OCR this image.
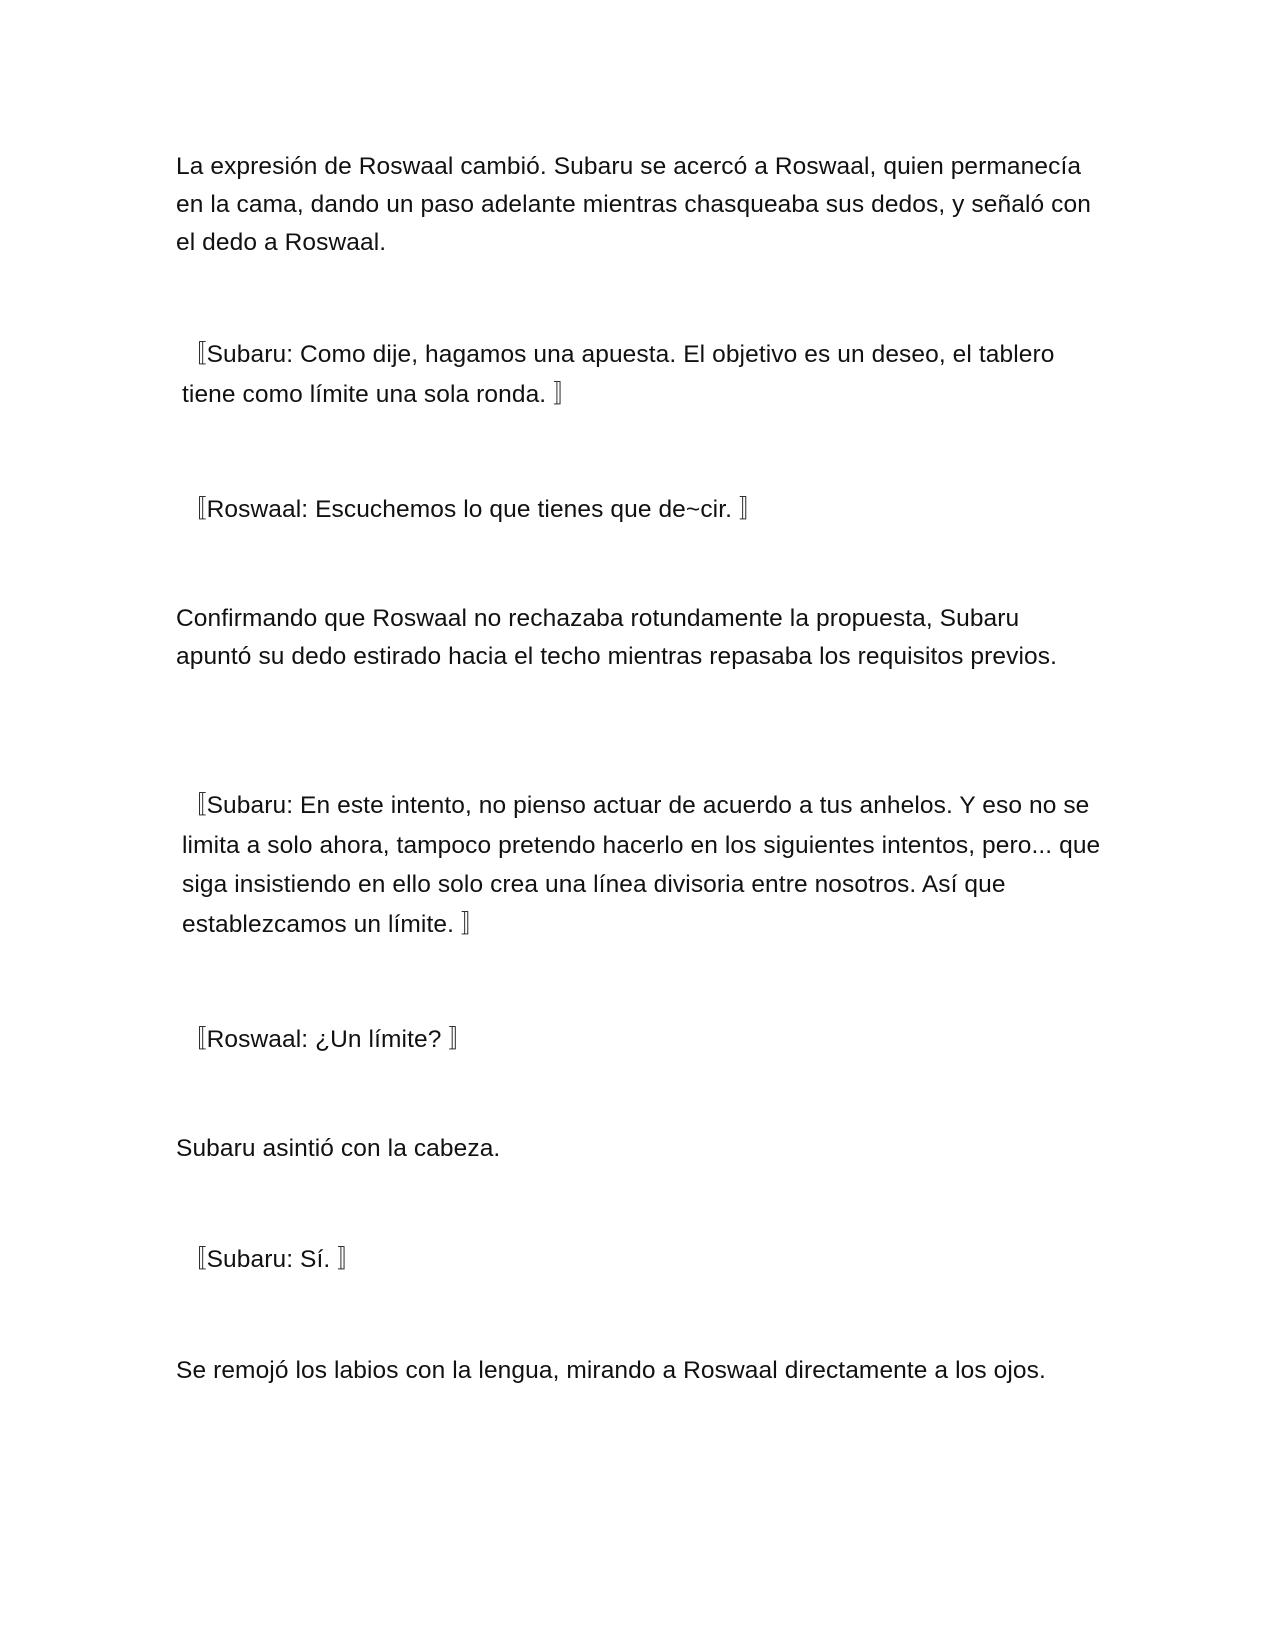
La expresión de Roswaal cambió. Subaru se acercó a Roswaal, quien permanecía en la cama, dando un paso adelante mientras chasqueaba sus dedos, y señaló con el dedo a Roswaal.

〚Subaru: Como dije, hagamos una apuesta. El objetivo es un deseo, el tablero tiene como límite una sola ronda. 〛

〚Roswaal: Escuchemos lo que tienes que de~cir. 〛

Confirmando que Roswaal no rechazaba rotundamente la propuesta, Subaru apuntó su dedo estirado hacia el techo mientras repasaba los requisitos previos.

〚Subaru: En este intento, no pienso actuar de acuerdo a tus anhelos. Y eso no se limita a solo ahora, tampoco pretendo hacerlo en los siguientes intentos, pero... que siga insistiendo en ello solo crea una línea divisoria entre nosotros. Así que establezcamos un límite. 〛

〚Roswaal: ¿Un límite? 〛

Subaru asintió con la cabeza.

〚Subaru: Sí. 〛

Se remojó los labios con la lengua, mirando a Roswaal directamente a los ojos.
